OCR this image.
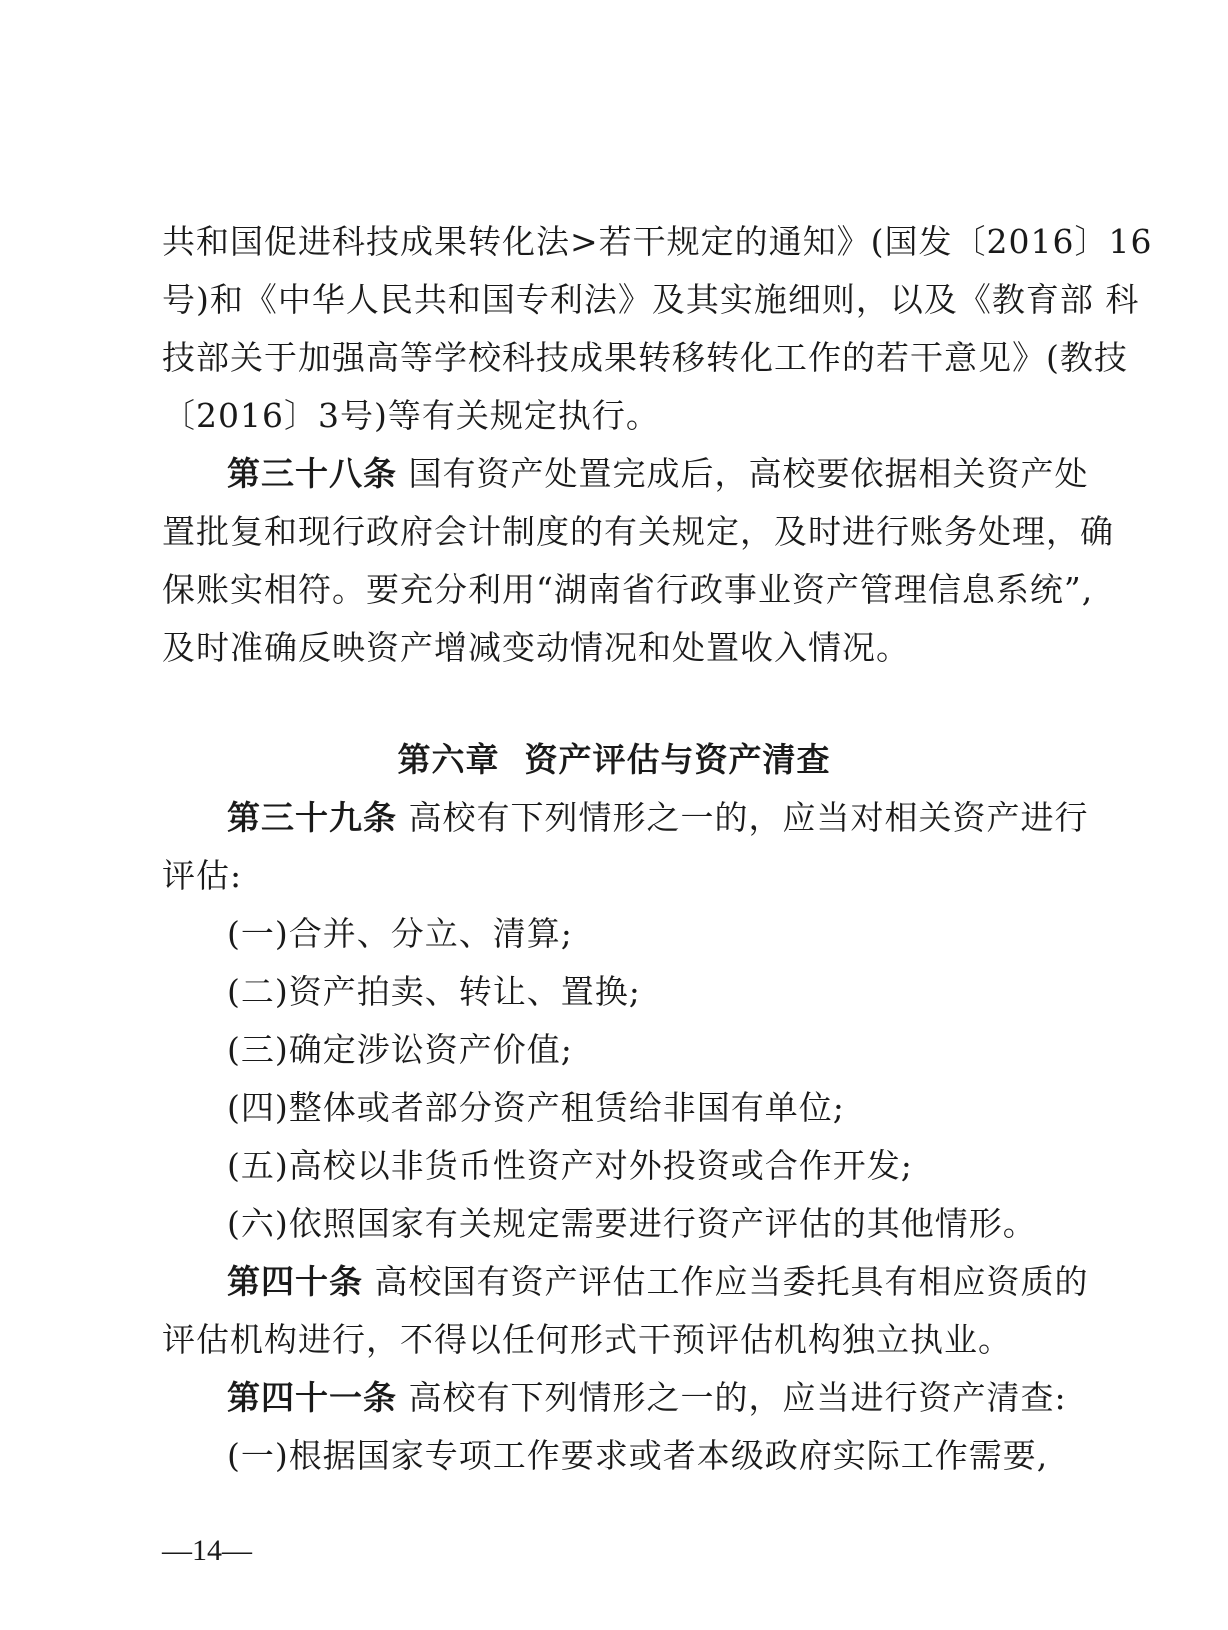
共和国促进科技成果转化法>若干规定的通知》(国发〔2016〕16
号)和《中华人民共和国专利法》及其实施细则，以及《教育部 科
技部关于加强高等学校科技成果转移转化工作的若干意见》(教技
〔2016〕3号)等有关规定执行。
第三十八条 国有资产处置完成后，高校要依据相关资产处
置批复和现行政府会计制度的有关规定，及时进行账务处理，确
保账实相符。要充分利用“湖南省行政事业资产管理信息系统”,
及时准确反映资产增减变动情况和处置收入情况。
第六章  资产评估与资产清查
第三十九条 高校有下列情形之一的，应当对相关资产进行
评估:
(一)合并、分立、清算;
(二)资产拍卖、转让、置换;
(三)确定涉讼资产价值;
(四)整体或者部分资产租赁给非国有单位;
(五)高校以非货币性资产对外投资或合作开发;
(六)依照国家有关规定需要进行资产评估的其他情形。
第四十条 高校国有资产评估工作应当委托具有相应资质的
评估机构进行，不得以任何形式干预评估机构独立执业。
第四十一条 高校有下列情形之一的，应当进行资产清查:
(一)根据国家专项工作要求或者本级政府实际工作需要,
—14—
